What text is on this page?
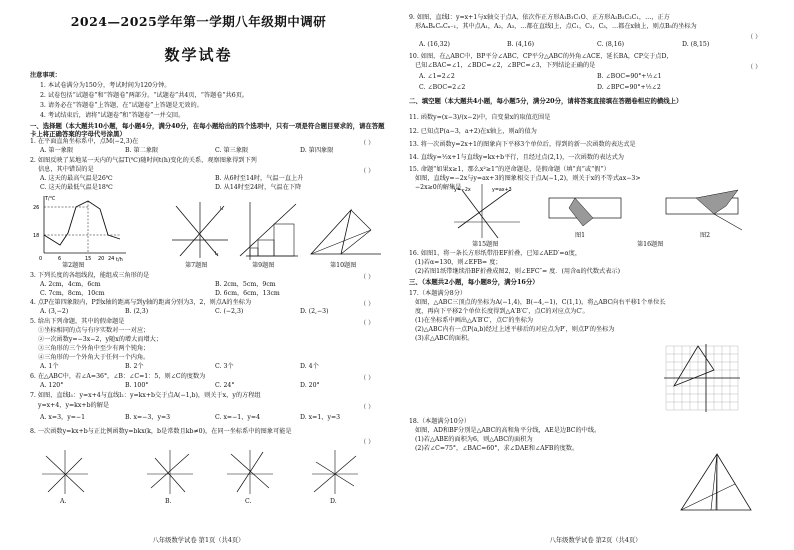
2024—2025学年第一学期八年级期中调研
数学试卷
注意事项：
1. 本试卷满分为150分，考试时间为120分钟。
2. 试卷包括“试题卷”和“答题卷”两部分。“试题卷”共4页，“答题卷”共6页。
3. 请务必在“答题卷”上答题，在“试题卷”上答题是无效的。
4. 考试结束后，请将“试题卷”和“答题卷”一并交回。
一、选择题（本大题共10小题，每小题4分，满分40分，在每小题给出的四个选项中，只有一项是符合题目要求的，请在答题卡上将正确答案的字母代号涂黑）
1. 在平面直角坐标系中，点M(−2,3)在	（ ）
A. 第一象限	B. 第二象限	C. 第三象限	D. 第四象限
2. 如图反映了某地某一天内的气温T(℃)随时间t(h)变化的关系，观察图象得到下列
信息，其中错误的是	（ ）
A. 这天的最高气温是26℃	B. 从6时至14时，气温一直上升
C. 这天的最低气温是18℃	D. 从14时至24时，气温在下降
T/℃
t/h
26
18
0	6	15 20 24
第2题图
l₁
l₂
第7题图	第9题图	第10题图
3. 下列长度的各组线段，能组成三角形的是	（ ）
A. 2cm，4cm，6cm	B. 2cm，5cm，9cm
C. 7cm，8cm，10cm	D. 6cm，6cm，13cm
4. 点P在第四象限内，P到x轴的距离与到y轴的距离分别为3，2，则点A的坐标为	（ ）
A. (3,−2)	B. (2,3)	C. (−2,3)	D. (2,−3)
5. 给出下列命题，其中的假命题是	（ ）
①坐标相同的点与有序实数对一一对应；
②一次函数y=−3x−2，y随x的增大而增大；
③三角形的三个外角中至少有两个钝角；
④三角形的一个外角大于任何一个内角。
A. 1个	B. 2个	C. 3个	D. 4个
6. 在△ABC中，若∠A=36°，∠B：∠C=1：5，则∠C的度数为	（ ）
A. 120°	B. 100°	C. 24°	D. 20°
7. 如图，直线l₁：y=x+4与直线l₂：y=kx+b交于点A(−1,b)，则关于x，y的方程组
y=x+4，y=kx+b的解是	（ ）
A. x=3，y=−1	B. x=−3，y=3	C. x=−1，y=4	D. x=1，y=3
8. 一次函数y=kx+b与正比例函数y=bkx(k，b是常数且kb≠0)，在同一坐标系中的图象可能是
（ ）
A.	B.	C.	D.
八年级数学试卷 第1页（共4页）
9. 如图，直线l：y=x+1与x轴交于点A，依次作正方形A₁B₁C₁O、正方形A₂B₂C₂C₁，…，正方
形AₙBₙCₙCₙ₋₁，其中点A₁，A₂，A₃，…都在直线l上，点C₁，C₂，C₃，…都在x轴上，则点B₅的坐标为
（ ）
A. (16,32)	B. (4,16)	C. (8,16)	D. (8,15)
10. 如图，在△ABC中，BP平分∠ABC，CP平分△ABC的外角∠ACE，延长BA，CP交于点D，
已知∠BAC=∠1，∠BDC=∠2，∠BPC=∠3，下列结论正确的是	（ ）
A. ∠1=2∠2	B. ∠BOC=90°+½∠1
C. ∠BOC=2∠2	D. ∠BPC=90°+½∠2
二、填空题（本大题共4小题，每小题5分，满分20分，请将答案直接填在答题卷相应的横线上）
11. 函数y=(x−3)/(x−2)中，自变量x的取值范围是
12. 已知点P(a−3，a+2)在x轴上，则a的值为
13. 将一次函数y=2x+1的图象向下平移3个单位后，得到的新一次函数的表达式是
14. 直线y=½x+1与直线y=kx+b平行，且经过点(2,1)，一次函数的表达式为
15. 命题“如果x≥1，那么x²≥1”的逆命题是，是假命题（填“真”或“假”）
如图，直线y=−2x与y=ax+3的图象相交于点A(−1,2)，则关于x的不等式ax−3>
−2x≥0的解集是
y=−2x	y=ax+3
第15题图
图1	图2
第16题图
16. 如图1，将一条长方形纸带沿EF折叠，已知∠AED′=α度，
(1)若α=130，则∠EFB= 度；
(2)若图1纸带继续沿BF折叠成图2，则∠EFC″= 度．(用含α的代数式表示)
三、（本题共2小题，每小题8分，满分16分）
17.（本题满分8分）
如图，△ABC三顶点的坐标为A(−1,4)，B(−4,−1)，C(1,1)，将△ABC向右平移1个单位长
度，再向下平移2个单位长度得到△A′B′C′，点C的对应点为C′。
(1)在坐标系中画出△A′B′C′，点C′的坐标为
(2)△ABC内有一点P(a,b)经过上述平移后的对应点为P′，则点P′的坐标为
(3)求△ABC的面积。
18.（本题满分10分）
如图，AD和BF分别是△ABC的高和角平分线，AE是边BC的中线。
(1)若△ABE的面积为6，则△ABC的面积为
(2)若∠C=75°，∠BAC=60°，求∠DAE和∠AFB的度数。
八年级数学试卷 第2页（共4页）
